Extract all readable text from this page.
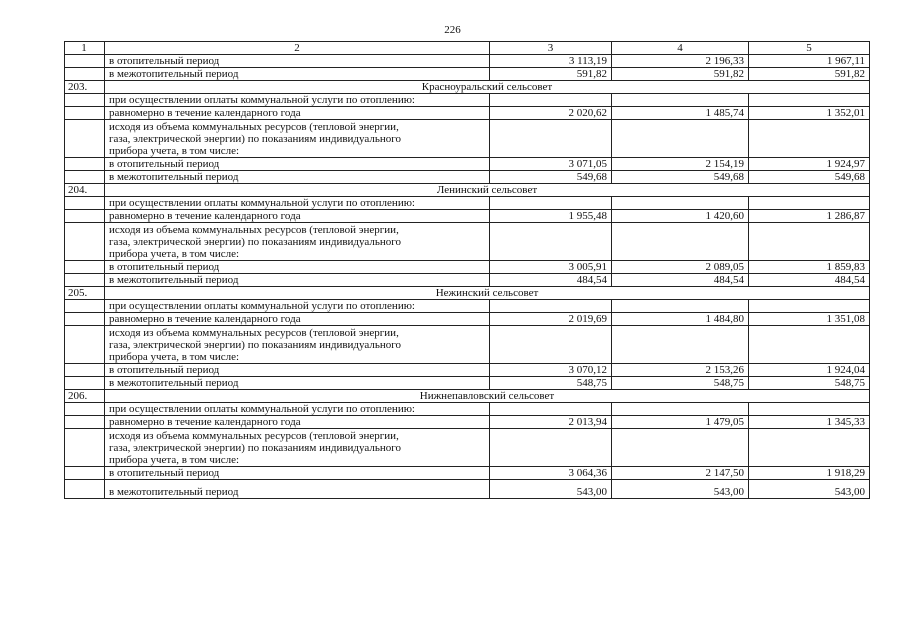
226
1	2	3	4	5
	в отопительный период	3 113,19	2 196,33	1 967,11
	в межотопительный период	591,82	591,82	591,82
203.	Красноуральский сельсовет			
	при осуществлении оплаты коммунальной услуги по отоплению:			
	равномерно в течение календарного года	2 020,62	1 485,74	1 352,01

	исходя из объема коммунальных ресурсов (тепловой энергии,
газа, электрической энергии) по показаниям индивидуального
прибора учета, в том числе:			

	в отопительный период	3 071,05	2 154,19	1 924,97
	в межотопительный период	549,68	549,68	549,68
204.	Ленинский сельсовет			
	при осуществлении оплаты коммунальной услуги по отоплению:			
	равномерно в течение календарного года	1 955,48	1 420,60	1 286,87

	исходя из объема коммунальных ресурсов (тепловой энергии,
газа, электрической энергии) по показаниям индивидуального
прибора учета, в том числе:			

	в отопительный период	3 005,91	2 089,05	1 859,83
	в межотопительный период	484,54	484,54	484,54
205.	Нежинский сельсовет			
	при осуществлении оплаты коммунальной услуги по отоплению:			
	равномерно в течение календарного года	2 019,69	1 484,80	1 351,08

	исходя из объема коммунальных ресурсов (тепловой энергии,
газа, электрической энергии) по показаниям индивидуального
прибора учета, в том числе:			

	в отопительный период	3 070,12	2 153,26	1 924,04
	в межотопительный период	548,75	548,75	548,75
206.	Нижнепавловский сельсовет			
	при осуществлении оплаты коммунальной услуги по отоплению:			
	равномерно в течение календарного года	2 013,94	1 479,05	1 345,33

	исходя из объема коммунальных ресурсов (тепловой энергии,
газа, электрической энергии) по показаниям индивидуального
прибора учета, в том числе:			

	в отопительный период	3 064,36	2 147,50	1 918,29
	в межотопительный период	543,00	543,00	543,00
